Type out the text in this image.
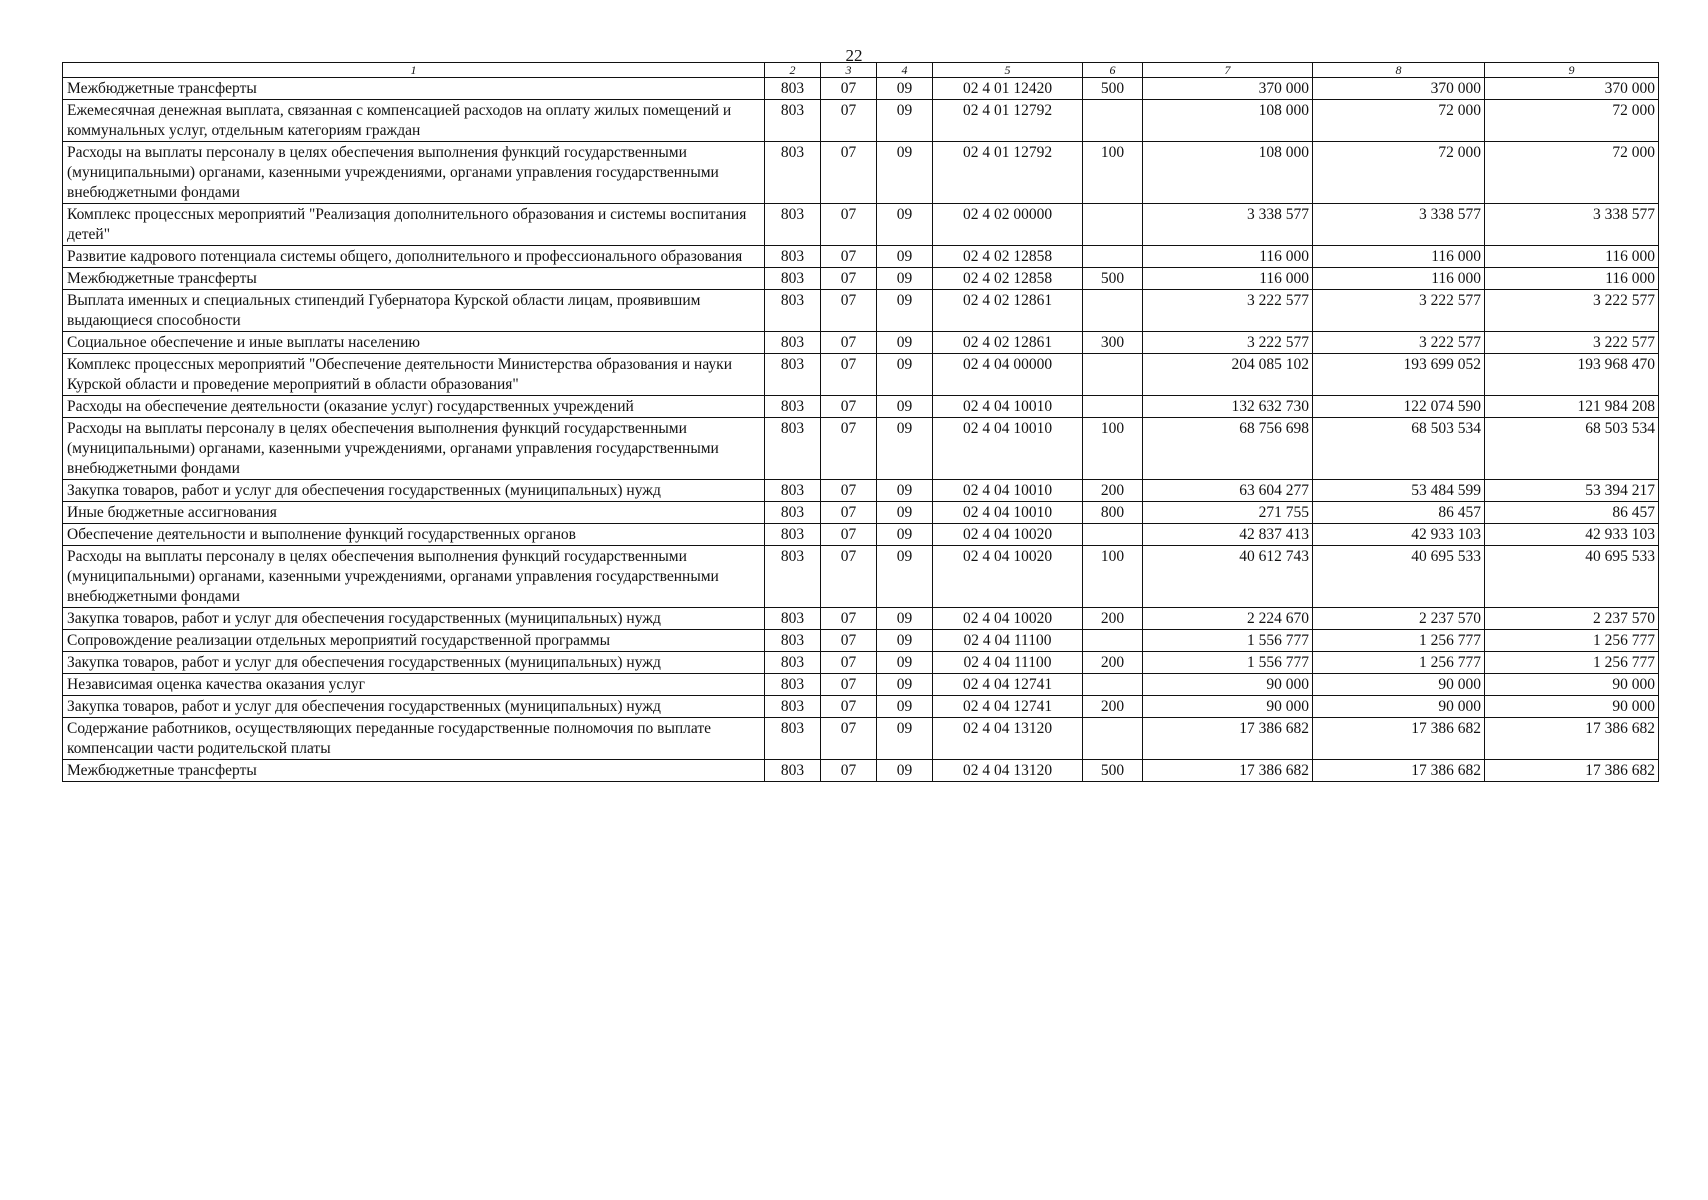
22
1	2	3	4	5	6	7	8	9
Межбюджетные трансферты	803	07	09	02 4 01 12420	500	370 000	370 000	370 000
Ежемесячная денежная выплата, связанная с компенсацией расходов на оплату жилых помещений и коммунальных услуг, отдельным категориям граждан	803	07	09	02 4 01 12792		108 000	72 000	72 000
Расходы на выплаты персоналу в целях обеспечения выполнения функций государственными (муниципальными) органами, казенными учреждениями, органами управления государственными внебюджетными фондами	803	07	09	02 4 01 12792	100	108 000	72 000	72 000
Комплекс процессных мероприятий "Реализация дополнительного образования и системы воспитания детей"	803	07	09	02 4 02 00000		3 338 577	3 338 577	3 338 577
Развитие кадрового потенциала системы общего, дополнительного и профессионального образования	803	07	09	02 4 02 12858		116 000	116 000	116 000
Межбюджетные трансферты	803	07	09	02 4 02 12858	500	116 000	116 000	116 000
Выплата именных и специальных стипендий Губернатора Курской области лицам, проявившим выдающиеся способности	803	07	09	02 4 02 12861		3 222 577	3 222 577	3 222 577
Социальное обеспечение и иные выплаты населению	803	07	09	02 4 02 12861	300	3 222 577	3 222 577	3 222 577
Комплекс процессных мероприятий "Обеспечение деятельности Министерства образования и науки Курской области и проведение мероприятий в области образования"	803	07	09	02 4 04 00000		204 085 102	193 699 052	193 968 470
Расходы на обеспечение деятельности (оказание услуг) государственных учреждений	803	07	09	02 4 04 10010		132 632 730	122 074 590	121 984 208
Расходы на выплаты персоналу в целях обеспечения выполнения функций государственными (муниципальными) органами, казенными учреждениями, органами управления государственными внебюджетными фондами	803	07	09	02 4 04 10010	100	68 756 698	68 503 534	68 503 534
Закупка товаров, работ и услуг для обеспечения государственных (муниципальных) нужд	803	07	09	02 4 04 10010	200	63 604 277	53 484 599	53 394 217
Иные бюджетные ассигнования	803	07	09	02 4 04 10010	800	271 755	86 457	86 457
Обеспечение деятельности и выполнение функций государственных органов	803	07	09	02 4 04 10020		42 837 413	42 933 103	42 933 103
Расходы на выплаты персоналу в целях обеспечения выполнения функций государственными (муниципальными) органами, казенными учреждениями, органами управления государственными внебюджетными фондами	803	07	09	02 4 04 10020	100	40 612 743	40 695 533	40 695 533
Закупка товаров, работ и услуг для обеспечения государственных (муниципальных) нужд	803	07	09	02 4 04 10020	200	2 224 670	2 237 570	2 237 570
Сопровождение реализации отдельных мероприятий государственной программы	803	07	09	02 4 04 11100		1 556 777	1 256 777	1 256 777
Закупка товаров, работ и услуг для обеспечения государственных (муниципальных) нужд	803	07	09	02 4 04 11100	200	1 556 777	1 256 777	1 256 777
Независимая оценка качества оказания услуг	803	07	09	02 4 04 12741		90 000	90 000	90 000
Закупка товаров, работ и услуг для обеспечения государственных (муниципальных) нужд	803	07	09	02 4 04 12741	200	90 000	90 000	90 000
Содержание работников, осуществляющих переданные государственные полномочия по выплате компенсации части родительской платы	803	07	09	02 4 04 13120		17 386 682	17 386 682	17 386 682
Межбюджетные трансферты	803	07	09	02 4 04 13120	500	17 386 682	17 386 682	17 386 682
